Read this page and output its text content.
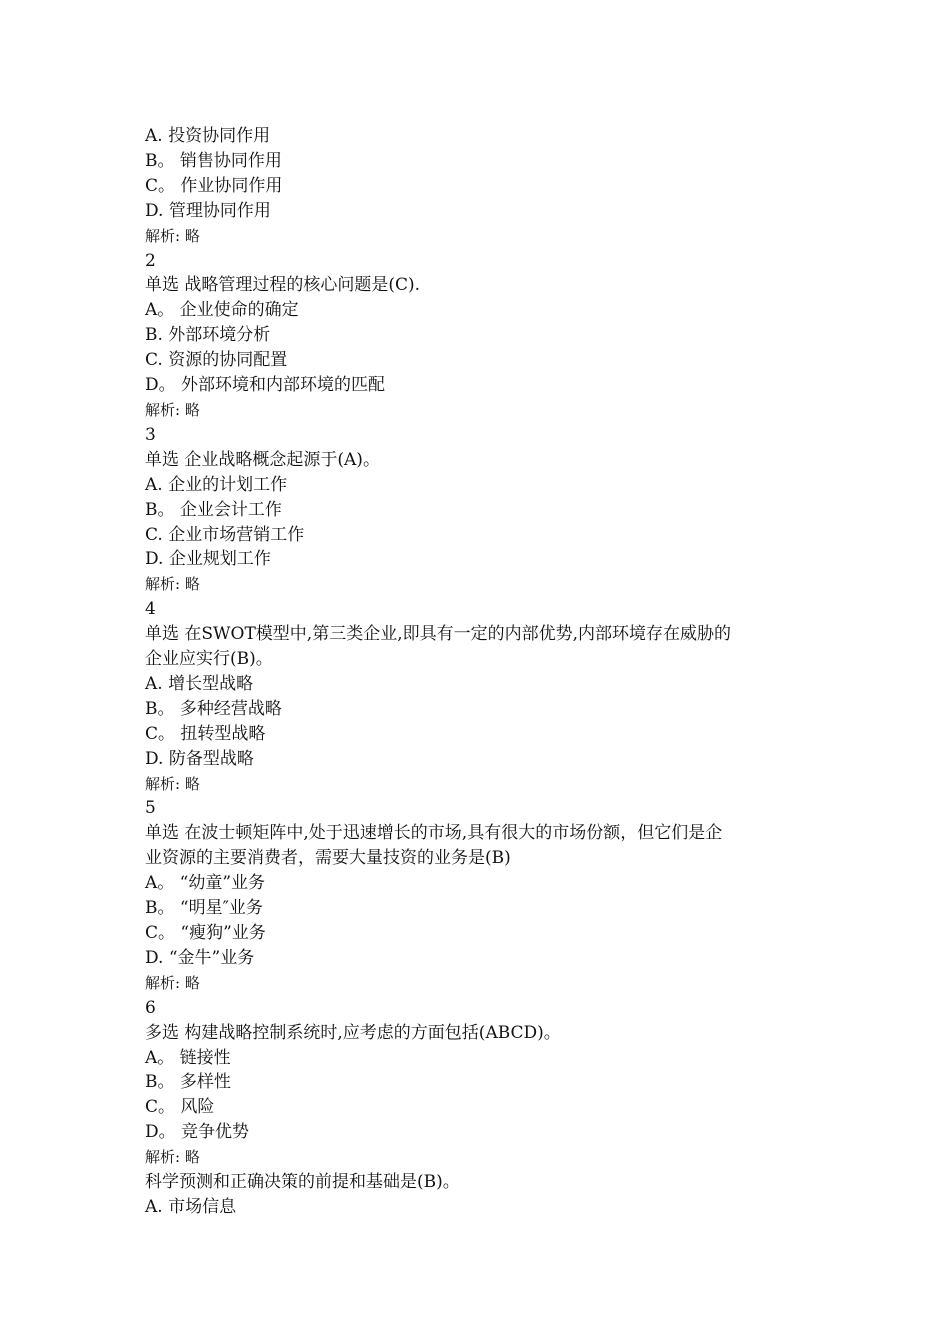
A. 投资协同作用
B。 销售协同作用
C。 作业协同作用
D. 管理协同作用
解析: 略
2
单选 战略管理过程的核心问题是(C).
A。 企业使命的确定
B. 外部环境分析
C. 资源的协同配置
D。 外部环境和内部环境的匹配
解析: 略
3
单选 企业战略概念起源于(A)。
A. 企业的计划工作
B。 企业会计工作
C. 企业市场营销工作
D. 企业规划工作
解析: 略
4
单选 在SWOT模型中,第三类企业,即具有一定的内部优势,内部环境存在威胁的
企业应实行(B)。
A. 增长型战略
B。 多种经营战略
C。 扭转型战略
D. 防备型战略
解析: 略
5
单选 在波士顿矩阵中,处于迅速增长的市场,具有很大的市场份额，但它们是企
业资源的主要消费者，需要大量技资的业务是(B)
A。 “幼童”业务
B。 “明星″业务
C。 “瘦狗”业务
D. “金牛”业务
解析: 略
6
多选 构建战略控制系统时,应考虑的方面包括(ABCD)。
A。 链接性
B。 多样性
C。 风险
D。 竞争优势
解析: 略
科学预测和正确决策的前提和基础是(B)。
A. 市场信息
